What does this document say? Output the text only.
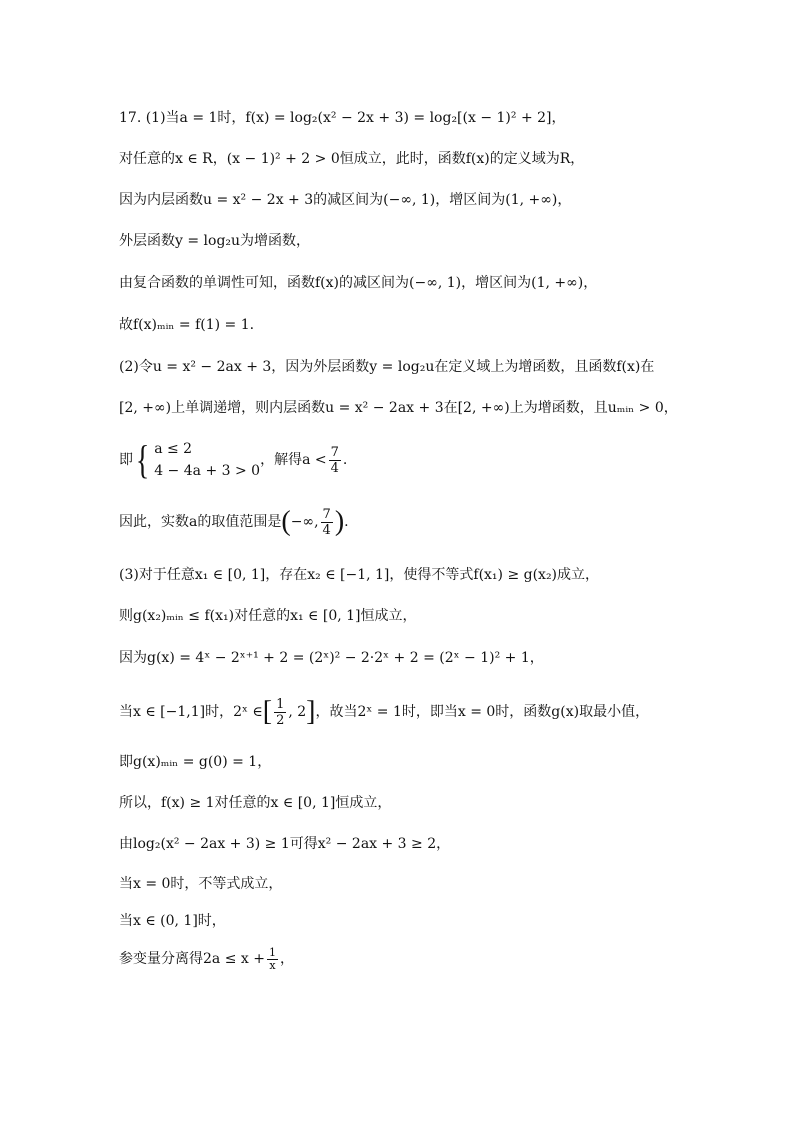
17. (1)当a = 1时，f(x) = log₂(x² − 2x + 3) = log₂[(x − 1)² + 2]，
对任意的x ∈ R，(x − 1)² + 2 > 0恒成立，此时，函数f(x)的定义域为R，
因为内层函数u = x² − 2x + 3的减区间为(−∞, 1)，增区间为(1, +∞)，
外层函数y = log₂u为增函数，
由复合函数的单调性可知，函数f(x)的减区间为(−∞, 1)，增区间为(1, +∞)，
故f(x)ₘᵢₙ = f(1) = 1.
(2)令u = x² − 2ax + 3，因为外层函数y = log₂u在定义域上为增函数，且函数f(x)在
[2, +∞)上单调递增，则内层函数u = x² − 2ax + 3在[2, +∞)上为增函数，且uₘᵢₙ > 0，
即{ a ≤ 2
4 − 4a + 3 > 0
，解得$a < \frac{7}{4}$ .
因此，实数a的取值范围是(−∞, $\frac{7}{4}$ ).
(3)对于任意x₁ ∈ [0, 1]，存在x₂ ∈ [−1, 1]，使得不等式f(x₁) ≥ g(x₂)成立，
则g(x₂)ₘᵢₙ ≤ f(x₁)对任意的x₁ ∈ [0, 1]恒成立，
因为g(x) = 4ˣ − 2ˣ⁺¹ + 2 = (2ˣ)² − 2·2ˣ + 2 = (2ˣ − 1)² + 1，
当x ∈ [−1,1]时，2ˣ ∈[ $\frac{1}{2}$ , 2]，故当2ˣ = 1时，即当x = 0时，函数g(x)取最小值，
即g(x)ₘᵢₙ = g(0) = 1，
所以，f(x) ≥ 1对任意的x ∈ [0, 1]恒成立，
由log₂(x² − 2ax + 3) ≥ 1可得x² − 2ax + 3 ≥ 2，
当x = 0时，不等式成立，
当x ∈ (0, 1]时，
参变量分离得$2a \le x + \frac{1}{x}$ ，
